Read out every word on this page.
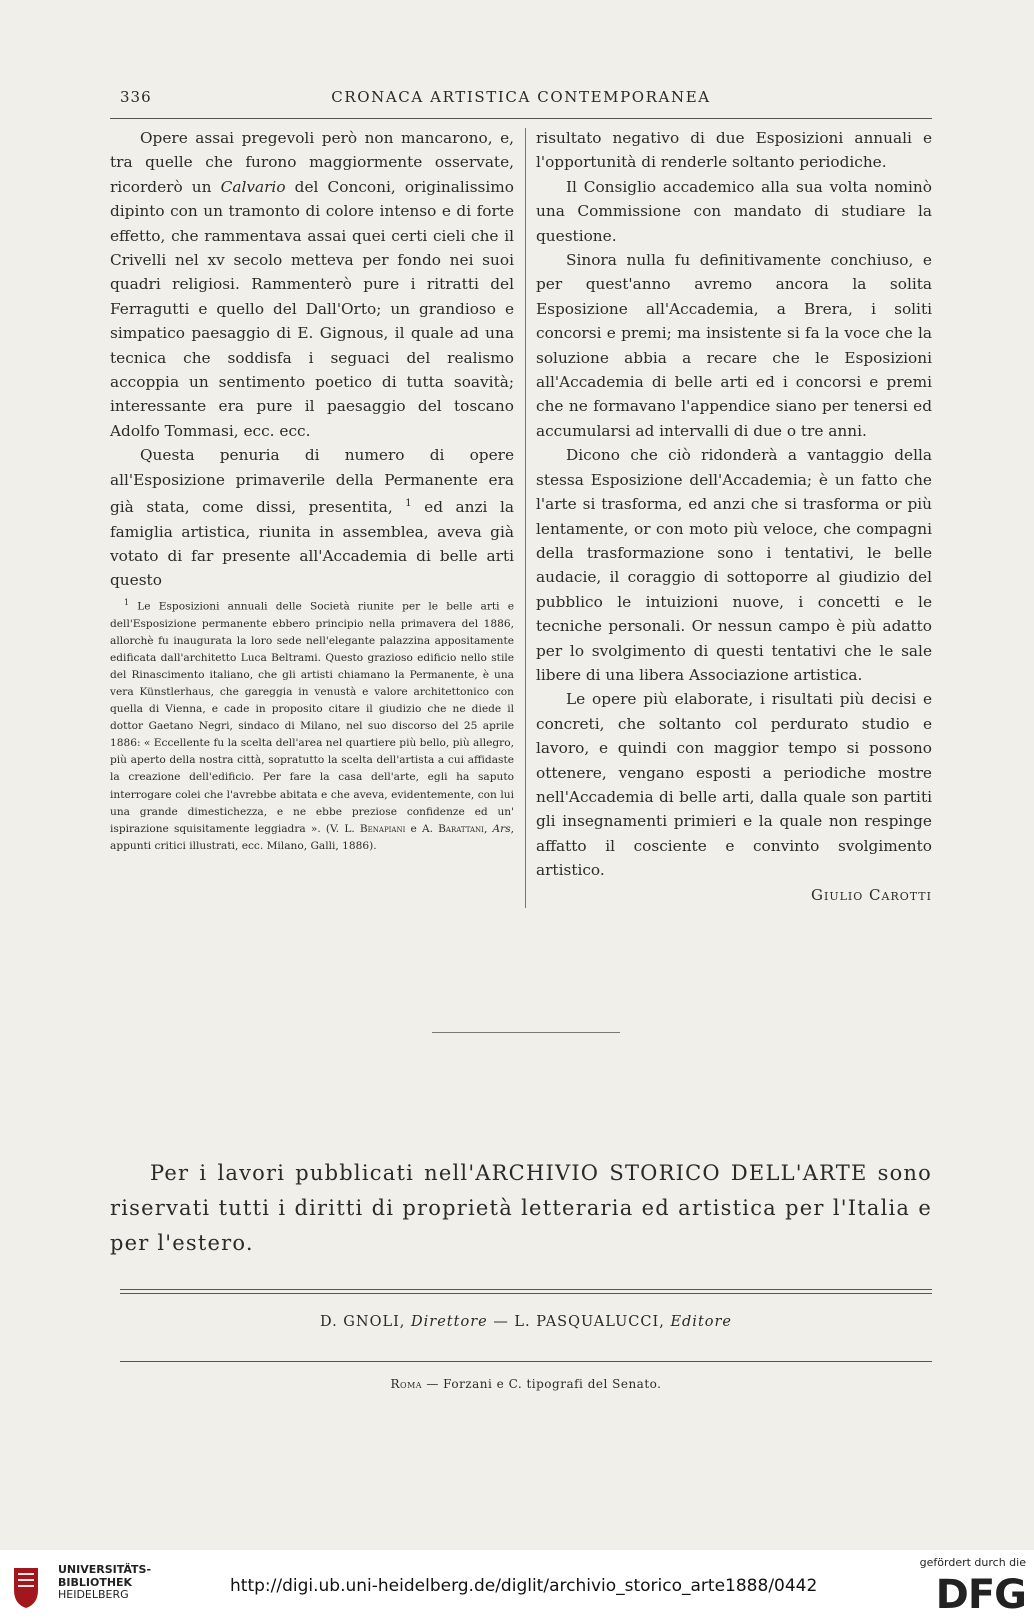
336	CRONACA ARTISTICA CONTEMPORANEA

Opere assai pregevoli però non mancarono, e, tra quelle che furono maggiormente osservate, ricorderò un Calvario del Conconi, originalissimo dipinto con un tramonto di colore intenso e di forte effetto, che rammentava assai quei certi cieli che il Crivelli nel xv secolo metteva per fondo nei suoi quadri religiosi. Rammenterò pure i ritratti del Ferragutti e quello del Dall'Orto; un grandioso e simpatico paesaggio di E. Gignous, il quale ad una tecnica che soddisfa i seguaci del realismo accoppia un sentimento poetico di tutta soavità; interessante era pure il paesaggio del toscano Adolfo Tommasi, ecc. ecc.

Questa penuria di numero di opere all'Esposizione primaverile della Permanente era già stata, come dissi, presentita, $^1$ ed anzi la famiglia artistica, riunita in assemblea, aveva già votato di far presente all'Accademia di belle arti questo

$^1$ Le Esposizioni annuali delle Società riunite per le belle arti e dell'Esposizione permanente ebbero principio nella primavera del 1886, allorchè fu inaugurata la loro sede nell'elegante palazzina appositamente edificata dall'architetto Luca Beltrami. Questo grazioso edificio nello stile del Rinascimento italiano, che gli artisti chiamano la Permanente, è una vera Künstlerhaus, che gareggia in venustà e valore architettonico con quella di Vienna, e cade in proposito citare il giudizio che ne diede il dottor Gaetano Negri, sindaco di Milano, nel suo discorso del 25 aprile 1886: « Eccellente fu la scelta dell'area nel quartiere più bello, più allegro, più aperto della nostra città, sopratutto la scelta dell'artista a cui affidaste la creazione dell'edificio. Per fare la casa dell'arte, egli ha saputo interrogare colei che l'avrebbe abitata e che aveva, evidentemente, con lui una grande dimestichezza, e ne ebbe preziose confidenze ed un' ispirazione squisitamente leggiadra ». (V. L. Benapiani e A. Barattani, Ars, appunti critici illustrati, ecc. Milano, Galli, 1886).

risultato negativo di due Esposizioni annuali e l'opportunità di renderle soltanto periodiche.

Il Consiglio accademico alla sua volta nominò una Commissione con mandato di studiare la questione.

Sinora nulla fu definitivamente conchiuso, e per quest'anno avremo ancora la solita Esposizione all'Accademia, a Brera, i soliti concorsi e premi; ma insistente si fa la voce che la soluzione abbia a recare che le Esposizioni all'Accademia di belle arti ed i concorsi e premi che ne formavano l'appendice siano per tenersi ed accumularsi ad intervalli di due o tre anni.

Dicono che ciò ridonderà a vantaggio della stessa Esposizione dell'Accademia; è un fatto che l'arte si trasforma, ed anzi che si trasforma or più lentamente, or con moto più veloce, che compagni della trasformazione sono i tentativi, le belle audacie, il coraggio di sottoporre al giudizio del pubblico le intuizioni nuove, i concetti e le tecniche personali. Or nessun campo è più adatto per lo svolgimento di questi tentativi che le sale libere di una libera Associazione artistica.

Le opere più elaborate, i risultati più decisi e concreti, che soltanto col perdurato studio e lavoro, e quindi con maggior tempo si possono ottenere, vengano esposti a periodiche mostre nell'Accademia di belle arti, dalla quale son partiti gli insegnamenti primieri e la quale non respinge affatto il cosciente e convinto svolgimento artistico.

Giulio Carotti

Per i lavori pubblicati nell'ARCHIVIO STORICO DELL'ARTE sono riservati tutti i diritti di proprietà letteraria ed artistica per l'Italia e per l'estero.

D. GNOLI, Direttore — L. PASQUALUCCI, Editore
Roma — Forzani e C. tipografi del Senato.
UNIVERSITÄTS-
BIBLIOTHEK
HEIDELBERG	http://digi.ub.uni-heidelberg.de/diglit/archivio_storico_arte1888/0442
gefördert durch die
DFG
